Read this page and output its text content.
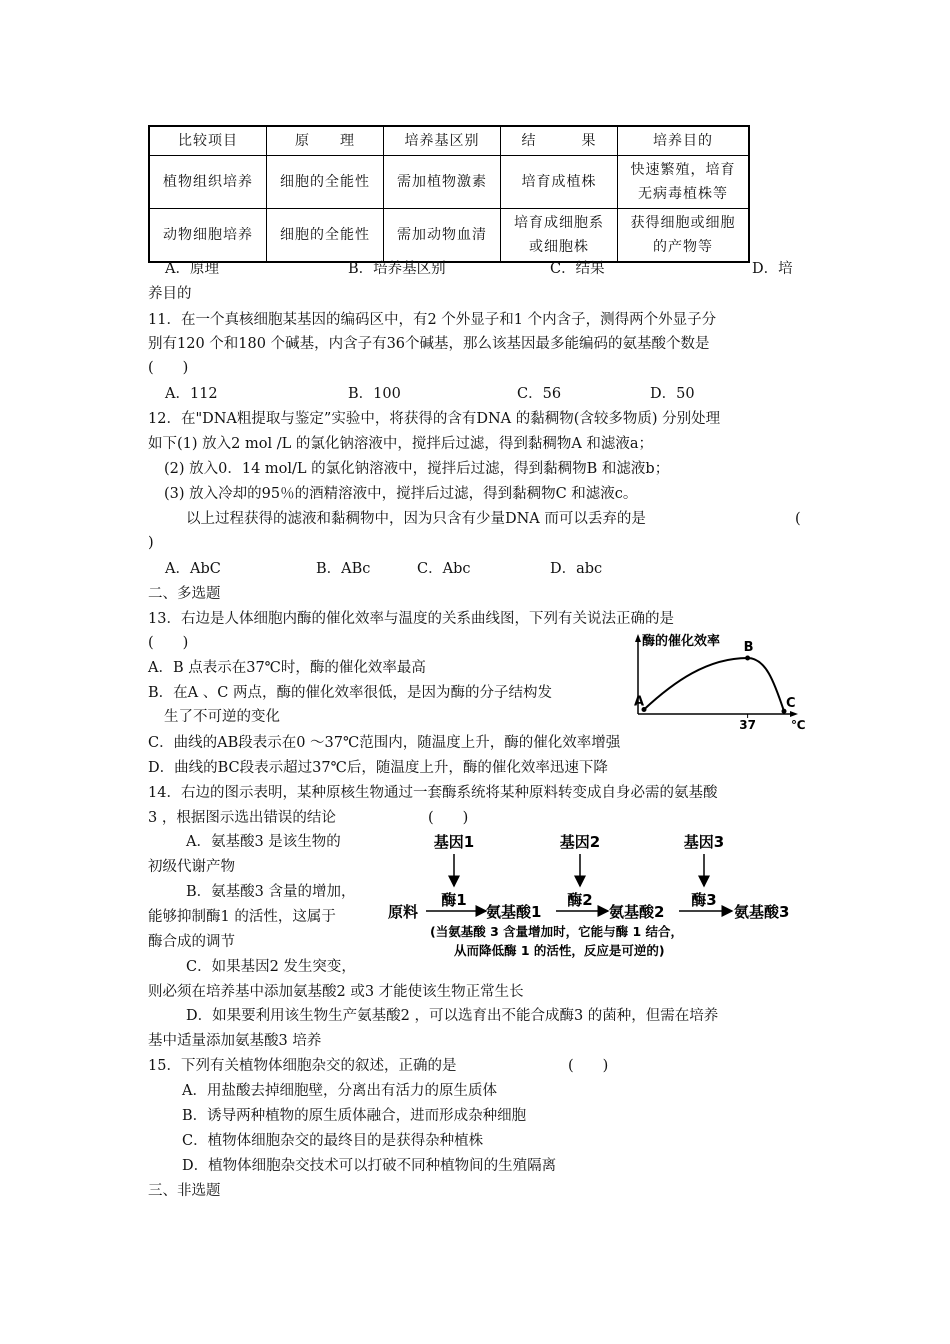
比较项目	原　　理	培养基区别	结　　　果	培养目的
植物组织培养	细胞的全能性	需加植物激素	培育成植株	快速繁殖，培育无病毒植株等
动物细胞培养	细胞的全能性	需加动物血清	培育成细胞系或细胞株	获得细胞或细胞的产物等
A．原理	B．培养基区别	C．结果	D．培
养目的
11．在一个真核细胞某基因的编码区中，有2 个外显子和1 个内含子，测得两个外显子分
别有120 个和180 个碱基，内含子有36个碱基，那么该基因最多能编码的氨基酸个数是
(　　)
A．112	B．100	C．56	D．50
12．在"DNA粗提取与鉴定”实验中，将获得的含有DNA 的黏稠物(含较多物质) 分别处理
如下(1) 放入2 mol /L 的氯化钠溶液中，搅拌后过滤，得到黏稠物A 和滤液a；
(2) 放入0．14 mol/L 的氯化钠溶液中，搅拌后过滤，得到黏稠物B 和滤液b；
(3) 放入冷却的95％的酒精溶液中，搅拌后过滤，得到黏稠物C 和滤液c。
以上过程获得的滤液和黏稠物中，因为只含有少量DNA 而可以丢弃的是	(
)
A．AbC	B．ABc	C．Abc	D．abc
二、多选题
13．右边是人体细胞内酶的催化效率与温度的关系曲线图，下列有关说法正确的是
(　　)
A．B 点表示在37℃时，酶的催化效率最高
B．在A 、C 两点，酶的催化效率很低，是因为酶的分子结构发
生了不可逆的变化
C．曲线的AB段表示在0 ～37℃范围内，随温度上升，酶的催化效率增强
D．曲线的BC段表示超过37℃后，随温度上升，酶的催化效率迅速下降
酶的催化效率
A
B
C
37	℃
14．右边的图示表明，某种原核生物通过一套酶系统将某种原料转变成自身必需的氨基酸
3 ，根据图示选出错误的结论	(　　)
A．氨基酸3 是该生物的
初级代谢产物
B．氨基酸3 含量的增加，
能够抑制酶1 的活性，这属于
酶合成的调节
C．如果基因2 发生突变，
则必须在培养基中添加氨基酸2 或3 才能使该生物正常生长
D．如果要利用该生物生产氨基酸2 ，可以选育出不能合成酶3 的菌种，但需在培养
基中适量添加氨基酸3 培养
基因1	基因2	基因3
酶1	酶2	酶3
原料	氨基酸1	氨基酸2	氨基酸3
(当氨基酸 3 含量增加时，它能与酶 1 结合，
从而降低酶 1 的活性，反应是可逆的)
15．下列有关植物体细胞杂交的叙述，正确的是	(　　)
A．用盐酸去掉细胞壁，分离出有活力的原生质体
B．诱导两种植物的原生质体融合，进而形成杂种细胞
C．植物体细胞杂交的最终目的是获得杂种植株
D．植物体细胞杂交技术可以打破不同种植物间的生殖隔离
三、非选题
